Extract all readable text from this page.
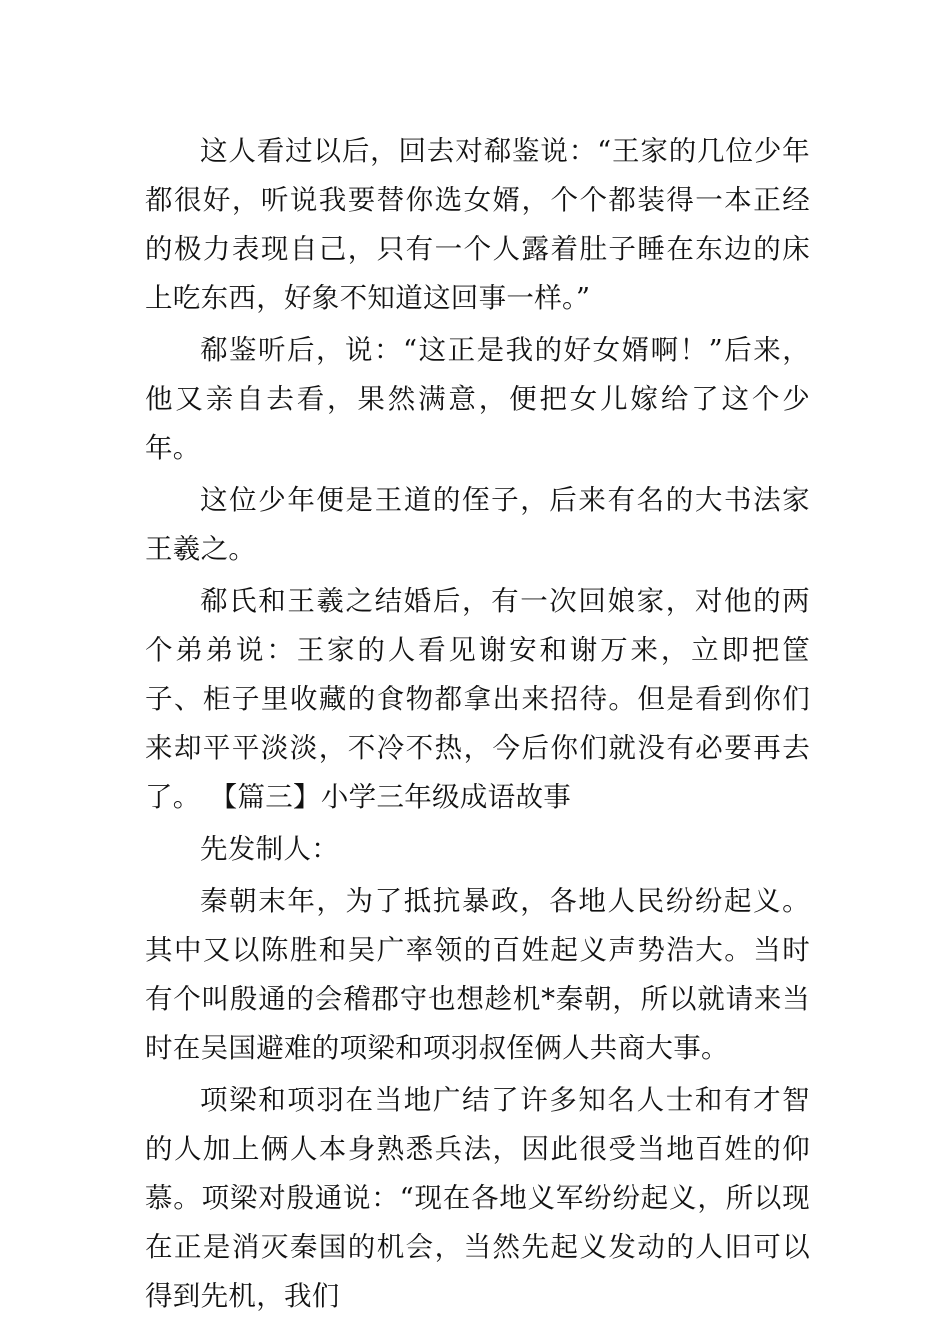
这人看过以后，回去对郗鉴说：“王家的几位少年都很好，听说我要替你选女婿，个个都装得一本正经的极力表现自己，只有一个人露着肚子睡在东边的床上吃东西，好象不知道这回事一样。”

郗鉴听后，说：“这正是我的好女婿啊！”后来，他又亲自去看，果然满意，便把女儿嫁给了这个少年。

这位少年便是王道的侄子，后来有名的大书法家王羲之。

郗氏和王羲之结婚后，有一次回娘家，对他的两个弟弟说：王家的人看见谢安和谢万来，立即把筐子、柜子里收藏的食物都拿出来招待。但是看到你们来却平平淡淡，不冷不热，今后你们就没有必要再去了。 【篇三】小学三年级成语故事

先发制人：

秦朝末年，为了抵抗暴政，各地人民纷纷起义。其中又以陈胜和吴广率领的百姓起义声势浩大。当时有个叫殷通的会稽郡守也想趁机*秦朝，所以就请来当时在吴国避难的项梁和项羽叔侄俩人共商大事。

项梁和项羽在当地广结了许多知名人士和有才智的人加上俩人本身熟悉兵法，因此很受当地百姓的仰慕。项梁对殷通说：“现在各地义军纷纷起义，所以现在正是消灭秦国的机会，当然先起义发动的人旧可以得到先机，我们
